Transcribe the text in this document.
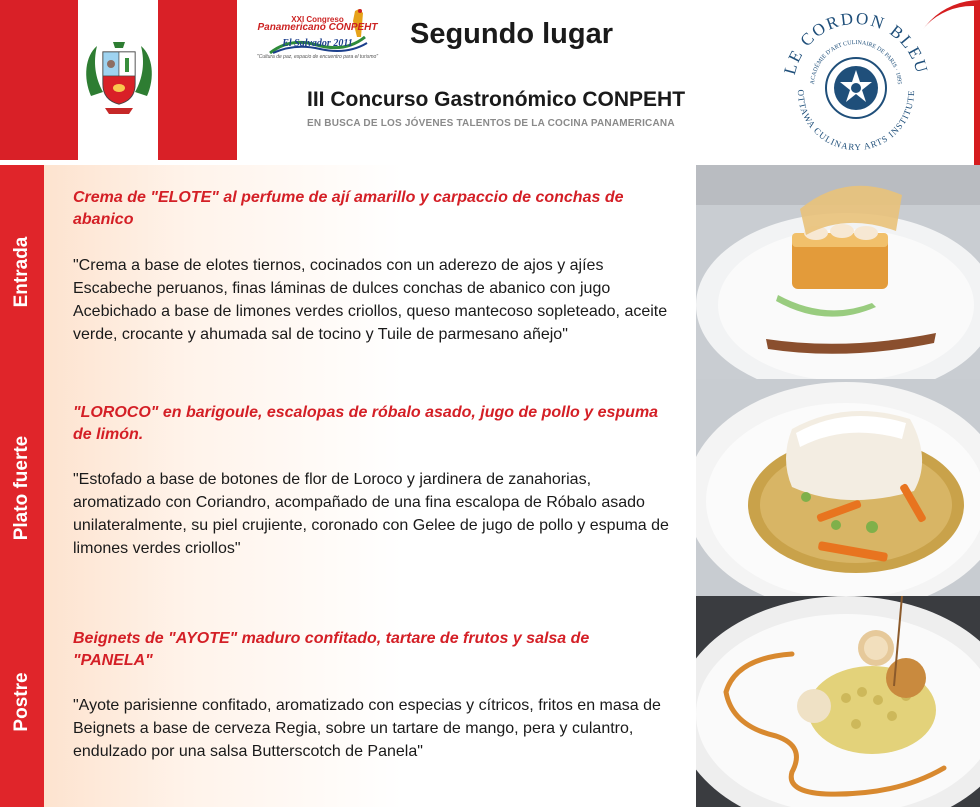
XXI Congreso
Panamericano CONPEHT
El Salvador 2011
"Cultura de paz, espacio de encuentro para el turismo"
Segundo lugar
III Concurso Gastronómico CONPEHT
EN BUSCA DE LOS JÓVENES TALENTOS DE LA COCINA PANAMERICANA
LE CORDON BLEU
ACADÉMIE D'ART CULINAIRE DE PARIS · 1895
OTTAWA CULINARY ARTS INSTITUTE
Entrada
Crema de "ELOTE" al perfume de ají amarillo y carpaccio de conchas de abanico
"Crema a base de elotes tiernos, cocinados con un aderezo de ajos y ajíes Escabeche peruanos, finas láminas de dulces conchas de abanico con jugo Acebichado a base de limones verdes criollos, queso mantecoso sopleteado, aceite verde, crocante y ahumada sal de tocino y Tuile de parmesano añejo"
Plato fuerte
"LOROCO" en barigoule, escalopas de róbalo asado, jugo de pollo y espuma de limón.
"Estofado a base de botones de flor de Loroco y jardinera de zanahorias, aromatizado con Coriandro, acompañado de una fina escalopa de Róbalo asado unilateralmente, su piel crujiente, coronado con Gelee de jugo de pollo y espuma de limones verdes criollos"
Postre
Beignets de "AYOTE" maduro confitado, tartare de frutos y salsa de "PANELA"
"Ayote parisienne confitado, aromatizado con especias y cítricos, fritos en masa de Beignets a base de cerveza Regia, sobre un tartare de mango, pera y culantro, endulzado por una salsa Butterscotch de Panela"
